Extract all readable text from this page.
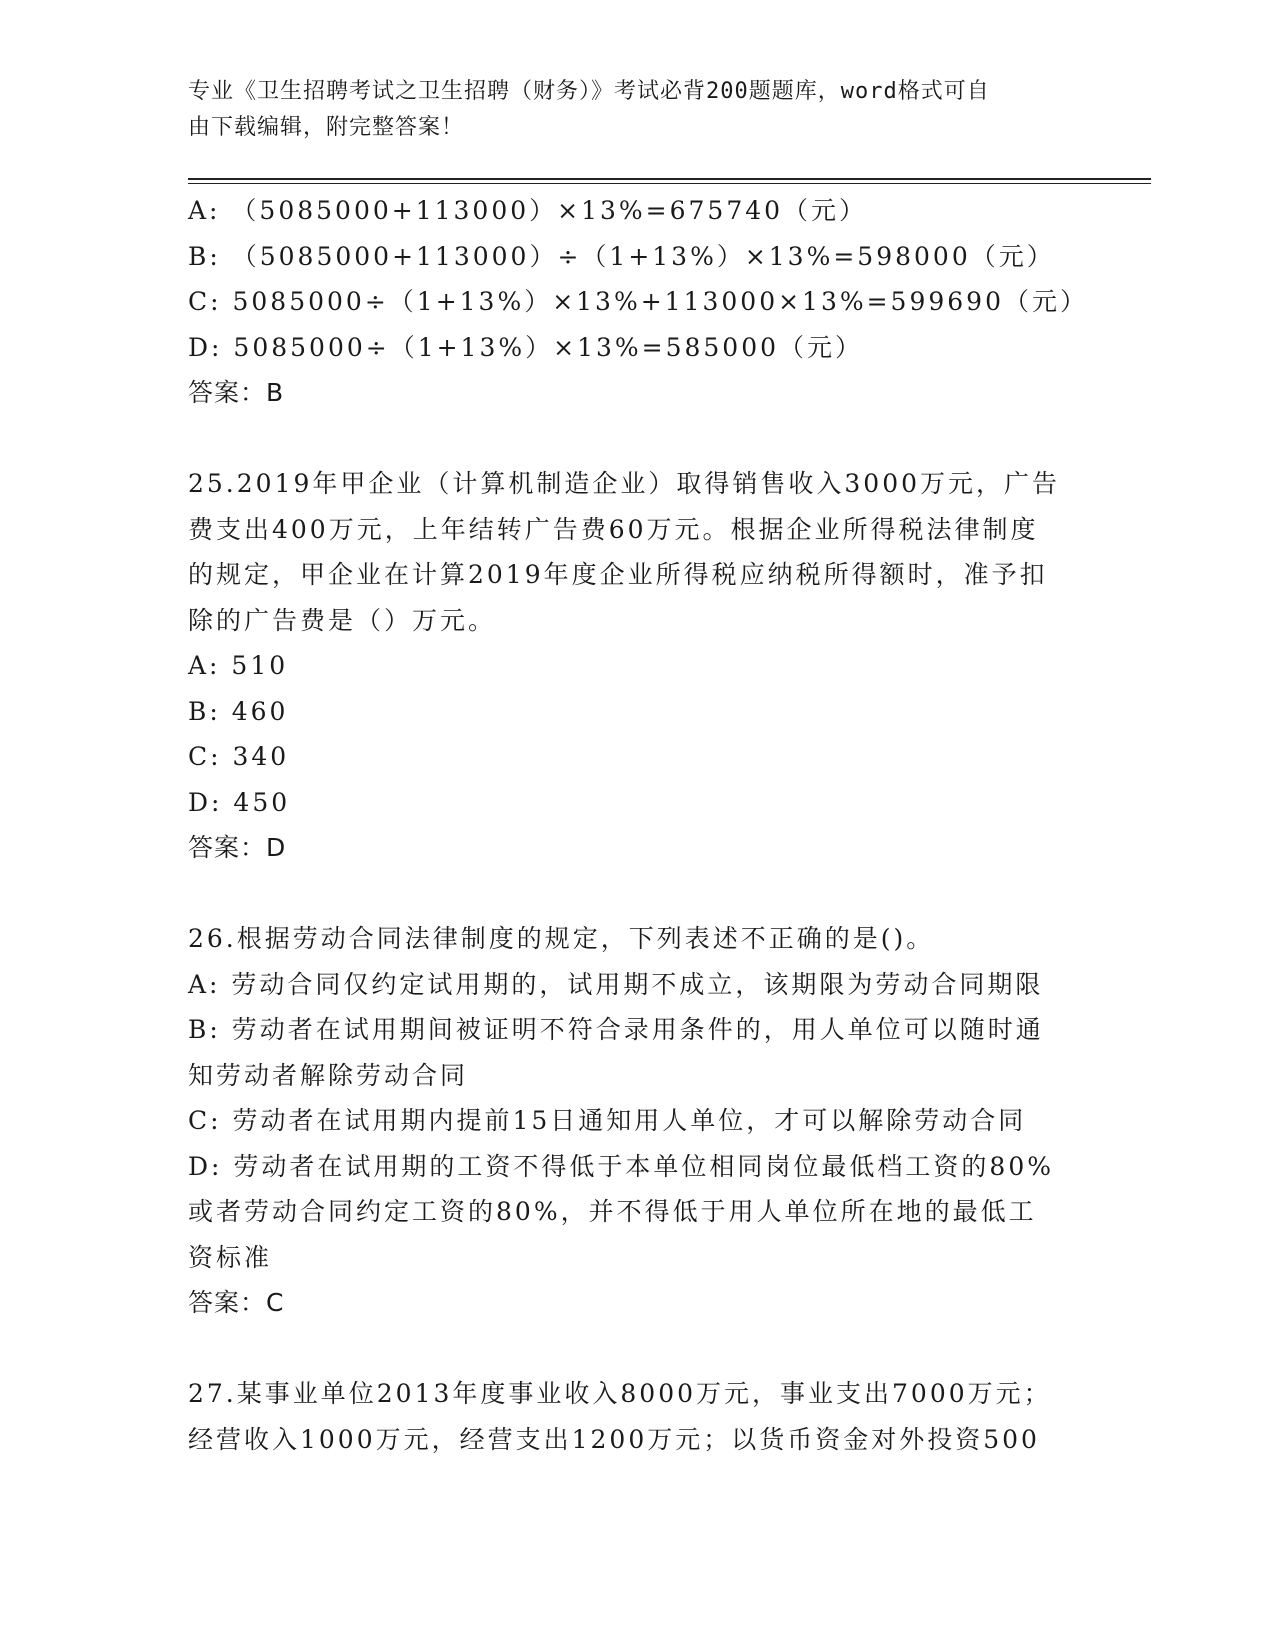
专业《卫生招聘考试之卫生招聘（财务）》考试必背200题题库，word格式可自
由下载编辑，附完整答案！
A: （5085000+113000）×13%=675740（元）
B: （5085000+113000）÷（1+13%）×13%=598000（元）
C: 5085000÷（1+13%）×13%+113000×13%=599690（元）
D: 5085000÷（1+13%）×13%=585000（元）
答案：B
25.2019年甲企业（计算机制造企业）取得销售收入3000万元，广告
费支出400万元，上年结转广告费60万元。根据企业所得税法律制度
的规定，甲企业在计算2019年度企业所得税应纳税所得额时，准予扣
除的广告费是（）万元。
A: 510
B: 460
C: 340
D: 450
答案：D
26.根据劳动合同法律制度的规定，下列表述不正确的是()。
A: 劳动合同仅约定试用期的，试用期不成立，该期限为劳动合同期限
B: 劳动者在试用期间被证明不符合录用条件的，用人单位可以随时通
知劳动者解除劳动合同
C: 劳动者在试用期内提前15日通知用人单位，才可以解除劳动合同
D: 劳动者在试用期的工资不得低于本单位相同岗位最低档工资的80%
或者劳动合同约定工资的80%，并不得低于用人单位所在地的最低工
资标准
答案：C
27.某事业单位2013年度事业收入8000万元，事业支出7000万元；
经营收入1000万元，经营支出1200万元；以货币资金对外投资500
